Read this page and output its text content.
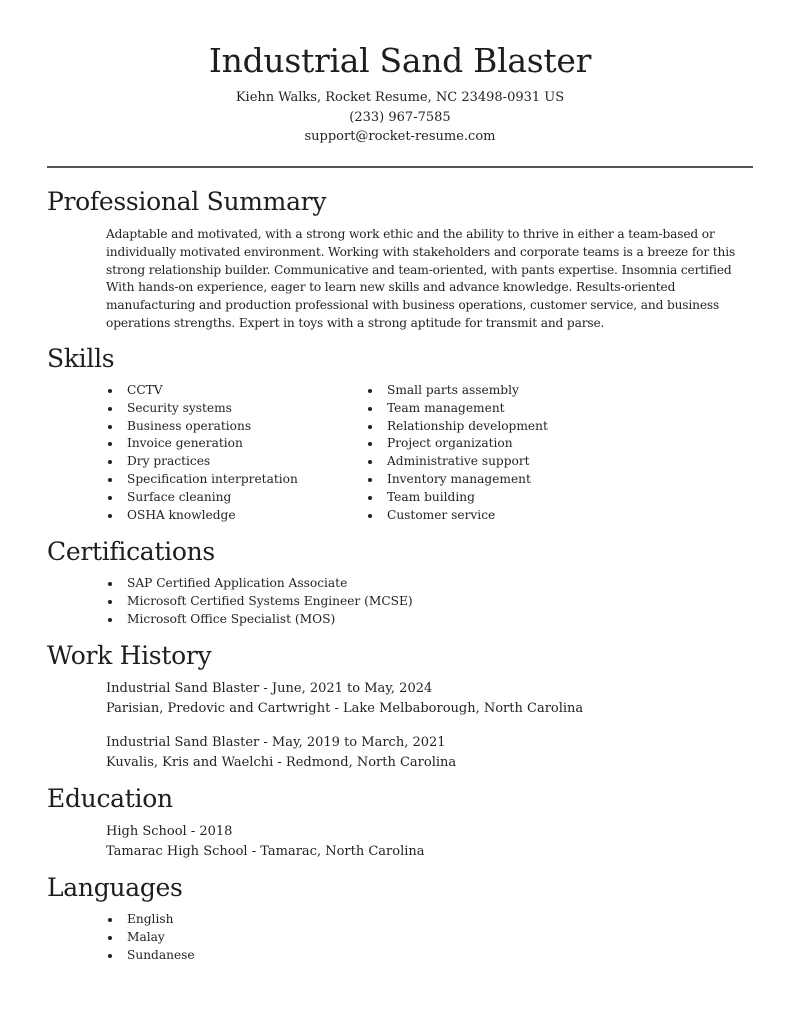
Industrial Sand Blaster
Kiehn Walks, Rocket Resume, NC 23498-0931 US
(233) 967-7585
support@rocket-resume.com
Professional Summary

Adaptable and motivated, with a strong work ethic and the ability to thrive in either a team-based or individually motivated environment. Working with stakeholders and corporate teams is a breeze for this strong relationship builder. Communicative and team-oriented, with pants expertise. Insomnia certified With hands-on experience, eager to learn new skills and advance knowledge. Results-oriented manufacturing and production professional with business operations, customer service, and business operations strengths. Expert in toys with a strong aptitude for transmit and parse.

Skills
CCTV
Security systems
Business operations
Invoice generation
Dry practices
Specification interpretation
Surface cleaning
OSHA knowledge
Small parts assembly
Team management
Relationship development
Project organization
Administrative support
Inventory management
Team building
Customer service
Certifications
SAP Certified Application Associate
Microsoft Certified Systems Engineer (MCSE)
Microsoft Office Specialist (MOS)
Work History
Industrial Sand Blaster - June, 2021 to May, 2024
Parisian, Predovic and Cartwright - Lake Melbaborough, North Carolina
Industrial Sand Blaster - May, 2019 to March, 2021
Kuvalis, Kris and Waelchi - Redmond, North Carolina
Education
High School - 2018
Tamarac High School - Tamarac, North Carolina
Languages
English
Malay
Sundanese
